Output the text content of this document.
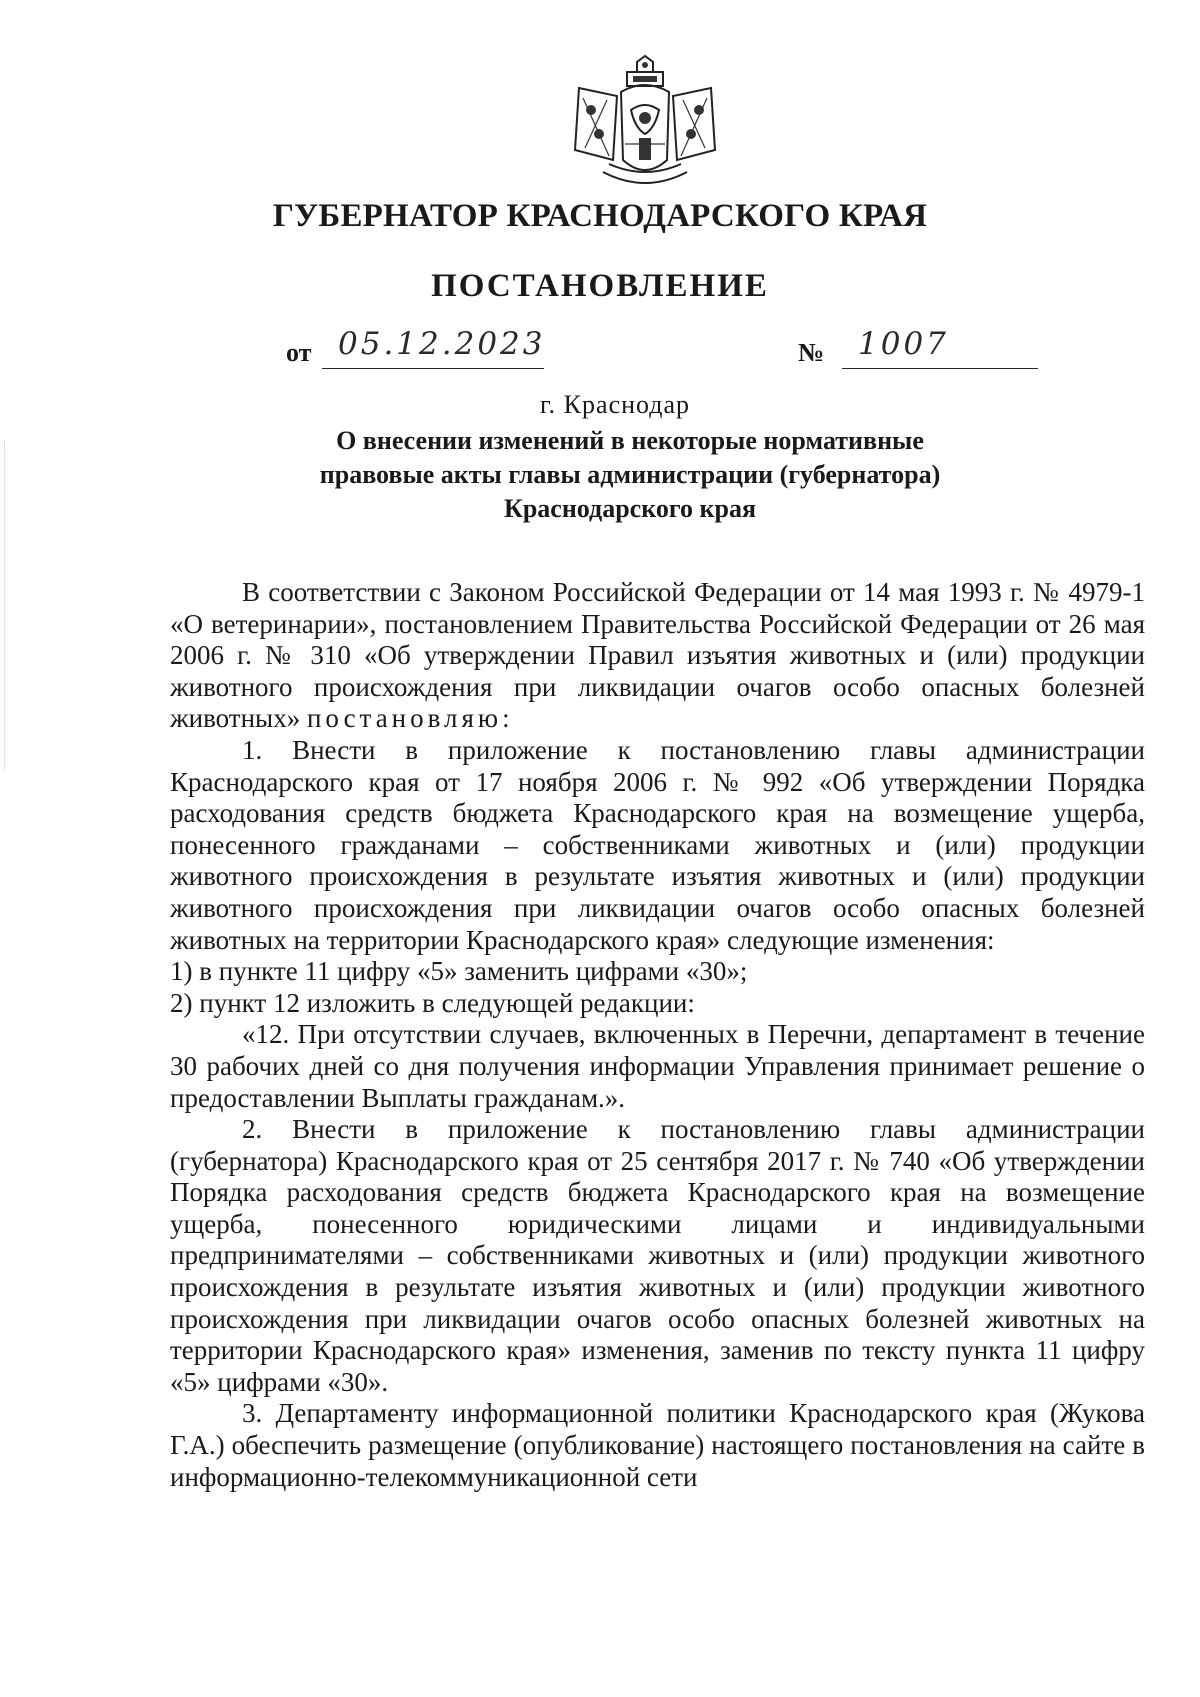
ГУБЕРНАТОР КРАСНОДАРСКОГО КРАЯ
ПОСТАНОВЛЕНИЕ
от 05.12.2023	№ 1007
г. Краснодар
О внесении изменений в некоторые нормативные
правовые акты главы администрации (губернатора)
Краснодарского края

В соответствии с Законом Российской Федерации от 14 мая 1993 г. № 4979-1 «О ветеринарии», постановлением Правительства Российской Федерации от 26 мая 2006 г. № 310 «Об утверждении Правил изъятия животных и (или) продукции животного происхождения при ликвидации очагов особо опасных болезней животных» постановляю:

1. Внести в приложение к постановлению главы администрации Краснодарского края от 17 ноября 2006 г. № 992 «Об утверждении Порядка расходования средств бюджета Краснодарского края на возмещение ущерба, понесенного гражданами – собственниками животных и (или) продукции животного происхождения в результате изъятия животных и (или) продукции животного происхождения при ликвидации очагов особо опасных болезней животных на территории Краснодарского края» следующие изменения:

1) в пункте 11 цифру «5» заменить цифрами «30»;

2) пункт 12 изложить в следующей редакции:

«12. При отсутствии случаев, включенных в Перечни, департамент в течение 30 рабочих дней со дня получения информации Управления принимает решение о предоставлении Выплаты гражданам.».

2. Внести в приложение к постановлению главы администрации (губернатора) Краснодарского края от 25 сентября 2017 г. № 740 «Об утверждении Порядка расходования средств бюджета Краснодарского края на возмещение ущерба, понесенного юридическими лицами и индивидуальными предпринимателями – собственниками животных и (или) продукции животного происхождения в результате изъятия животных и (или) продукции животного происхождения при ликвидации очагов особо опасных болезней животных на территории Краснодарского края» изменения, заменив по тексту пункта 11 цифру «5» цифрами «30».

3. Департаменту информационной политики Краснодарского края (Жукова Г.А.) обеспечить размещение (опубликование) настоящего постановления на сайте в информационно-телекоммуникационной сети
